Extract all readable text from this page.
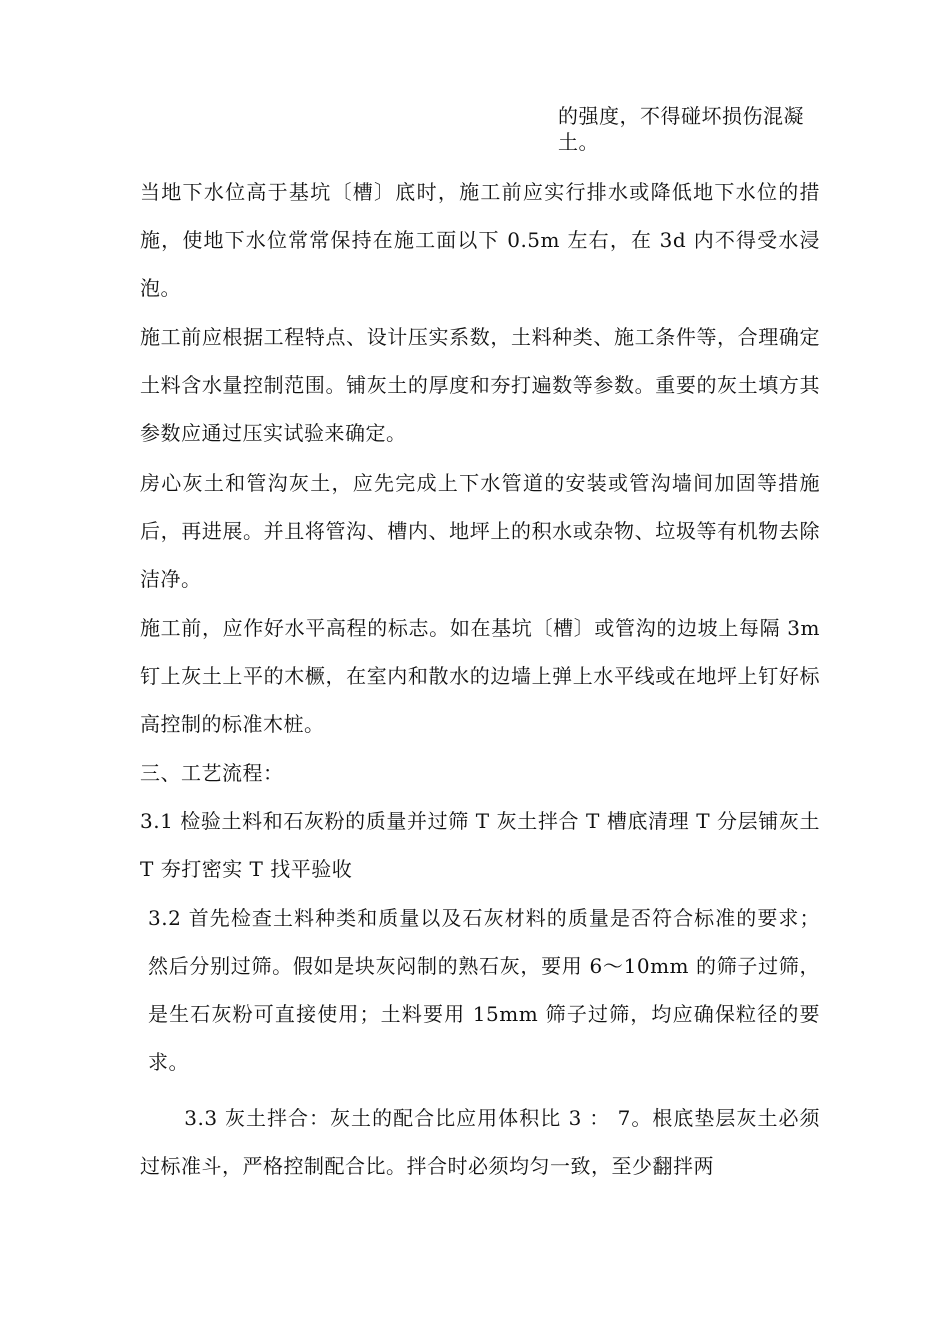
的强度，不得碰坏损伤混凝土。

当地下水位高于基坑〔槽〕底时，施工前应实行排水或降低地下水位的措施，使地下水位常常保持在施工面以下 0.5m 左右，在 3d 内不得受水浸泡。

施工前应根据工程特点、设计压实系数，土料种类、施工条件等，合理确定土料含水量控制范围。铺灰土的厚度和夯打遍数等参数。重要的灰土填方其参数应通过压实试验来确定。

房心灰土和管沟灰土，应先完成上下水管道的安装或管沟墙间加固等措施后，再进展。并且将管沟、槽内、地坪上的积水或杂物、垃圾等有机物去除洁净。

施工前，应作好水平高程的标志。如在基坑〔槽〕或管沟的边坡上每隔 3m 钉上灰土上平的木橛，在室内和散水的边墙上弹上水平线或在地坪上钉好标高控制的标准木桩。

三、工艺流程：

3.1 检验土料和石灰粉的质量并过筛 T 灰土拌合 T 槽底清理 T 分层铺灰土 T 夯打密实 T 找平验收

3.2 首先检查土料种类和质量以及石灰材料的质量是否符合标准的要求；然后分别过筛。假如是块灰闷制的熟石灰，要用 6〜10mm 的筛子过筛，是生石灰粉可直接使用；土料要用 15mm 筛子过筛，均应确保粒径的要求。

3.3 灰土拌合：灰土的配合比应用体积比 3 ： 7。根底垫层灰土必须过标准斗，严格控制配合比。拌合时必须均匀一致，至少翻拌两
